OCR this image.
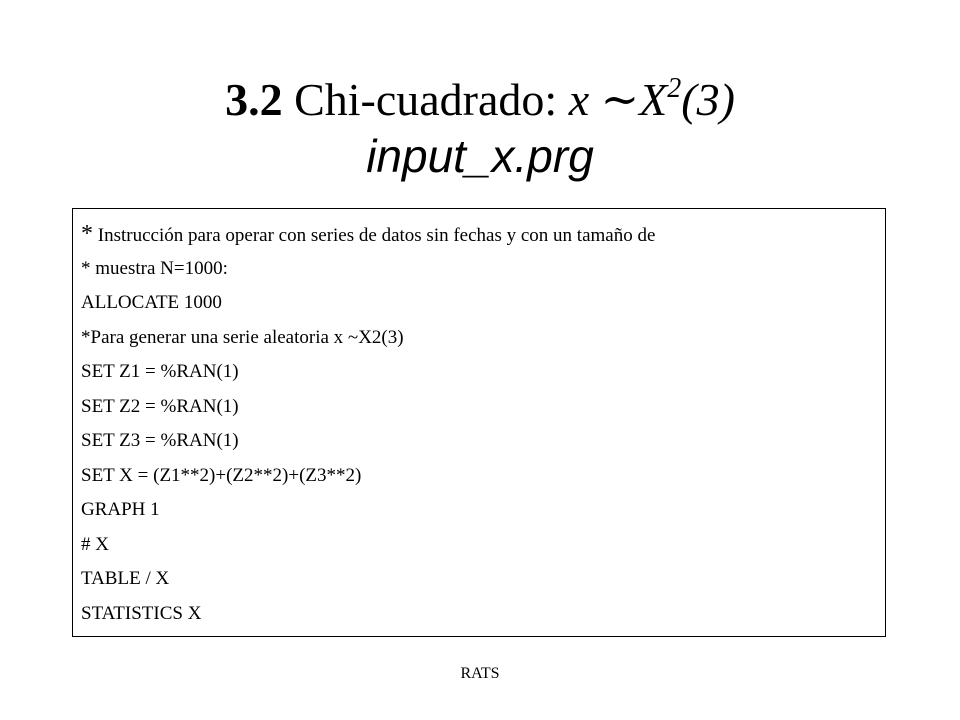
3.2 Chi-cuadrado: x $\sim X^2(3)$
input_x.prg
* Instrucción para operar con series de datos sin fechas y con un tamaño de
* muestra N=1000:
ALLOCATE 1000
*Para generar una serie aleatoria x ~X2(3)
SET Z1 = %RAN(1)
SET Z2 = %RAN(1)
SET Z3 = %RAN(1)
SET X = (Z1**2)+(Z2**2)+(Z3**2)
GRAPH 1
# X
TABLE / X
STATISTICS X
RATS
